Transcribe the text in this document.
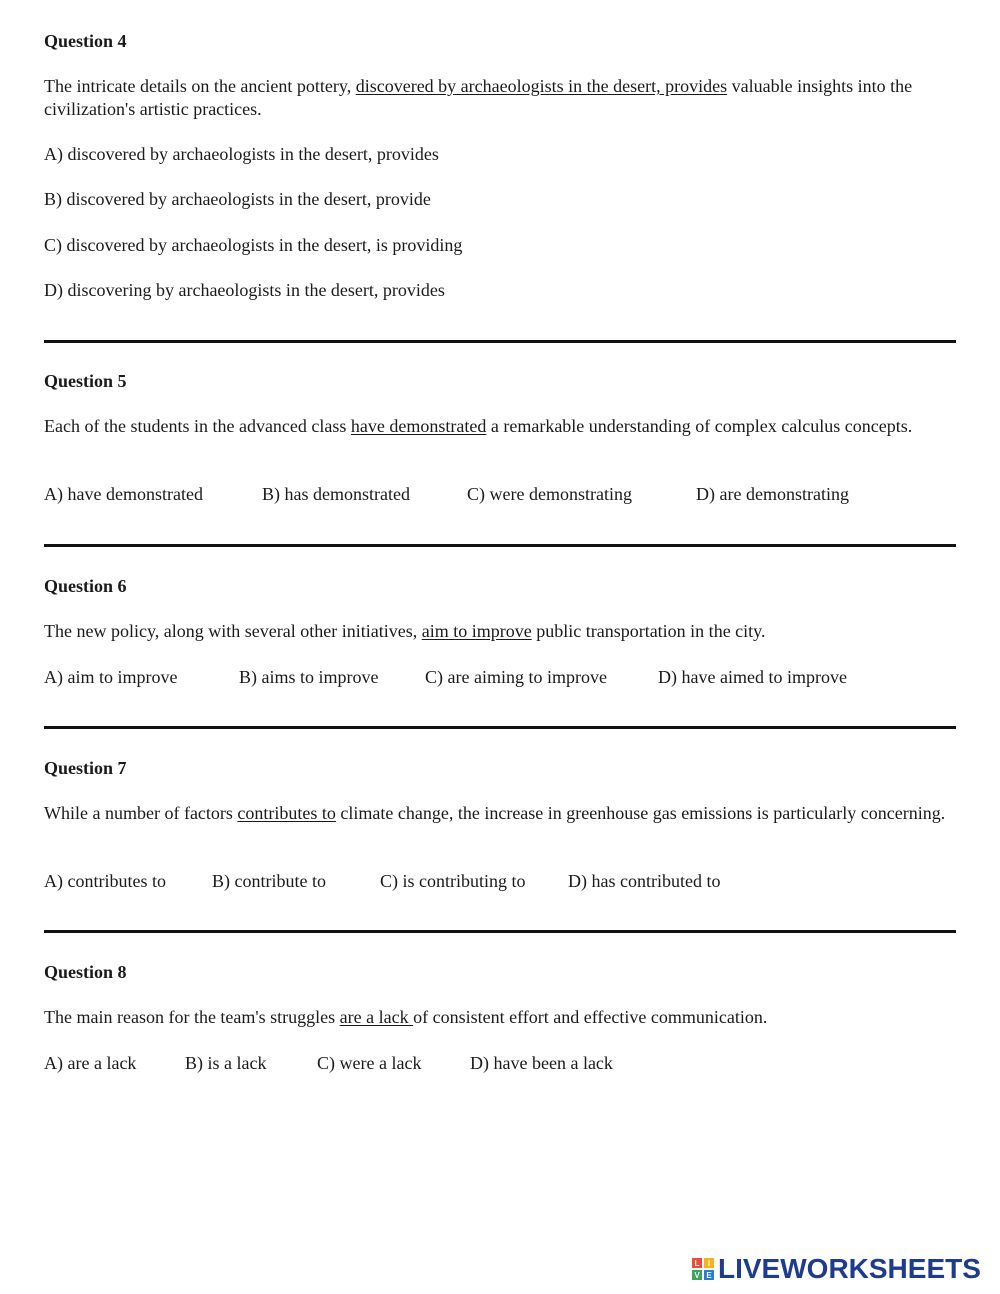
Question 4

The intricate details on the ancient pottery, discovered by archaeologists in the desert, provides valuable insights into the civilization's artistic practices.

A) discovered by archaeologists in the desert, provides

B) discovered by archaeologists in the desert, provide

C) discovered by archaeologists in the desert, is providing

D) discovering by archaeologists in the desert, provides

Question 5

Each of the students in the advanced class have demonstrated a remarkable understanding of complex calculus concepts.

A) have demonstrated	B) has demonstrated	C) were demonstrating	D) are demonstrating

Question 6

The new policy, along with several other initiatives, aim to improve public transportation in the city.

A) aim to improve	B) aims to improve	C) are aiming to improve	D) have aimed to improve

Question 7

While a number of factors contributes to climate change, the increase in greenhouse gas emissions is particularly concerning.

A) contributes to	B) contribute to	C) is contributing to D) has contributed to

Question 8

The main reason for the team's struggles are a lack of consistent effort and effective communication.

A) are a lack	B) is a lack	C) were a lack	D) have been a lack
L	I
V E LIVEWORKSHEETS
